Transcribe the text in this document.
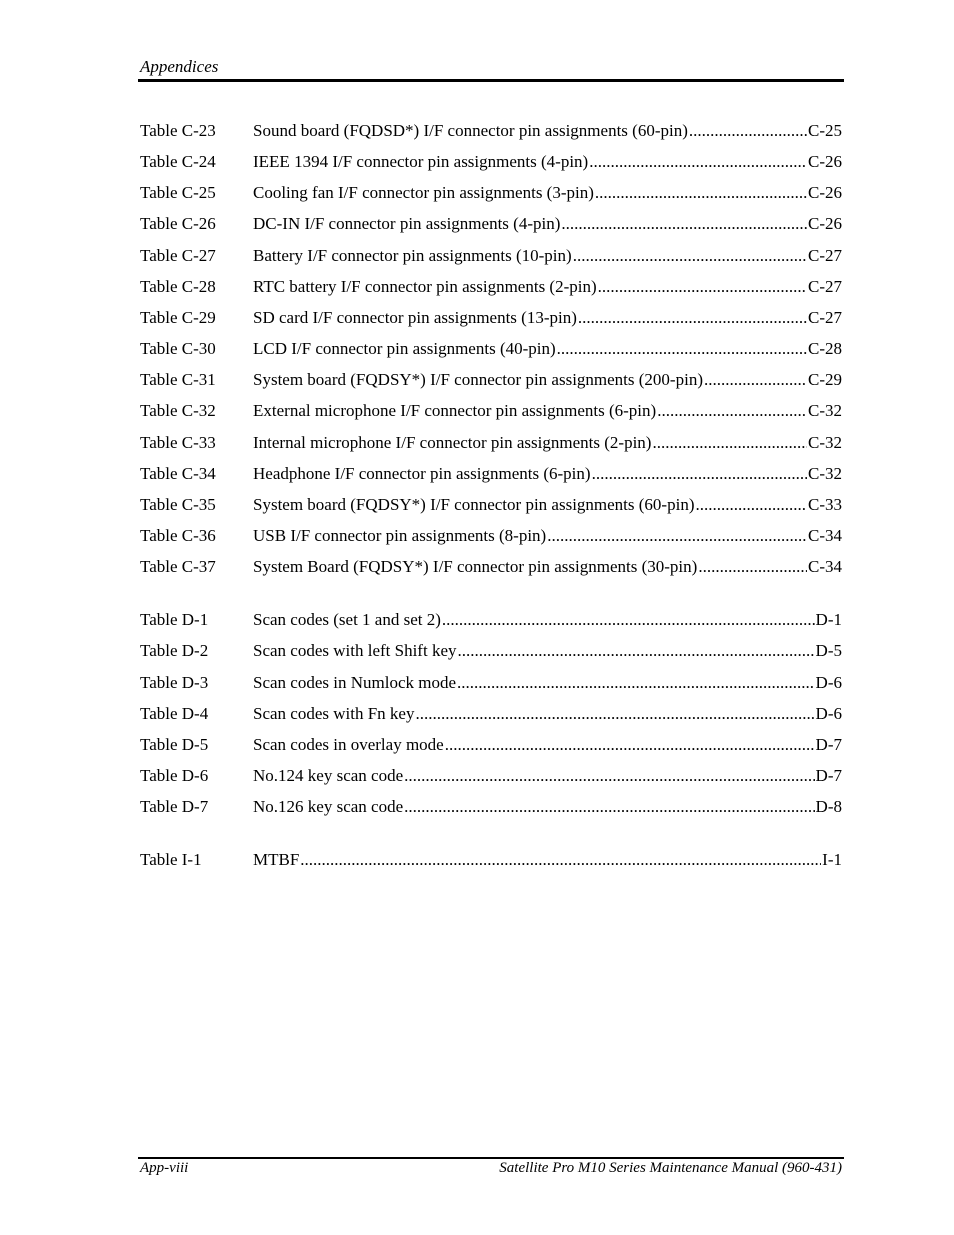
Appendices
Table C-23	Sound board (FQDSD*) I/F connector pin assignments (60-pin) .....	C-25
Table C-24	IEEE 1394 I/F connector pin assignments (4-pin) .....	C-26
Table C-25	Cooling fan I/F connector pin assignments (3-pin) .....	C-26
Table C-26	DC-IN I/F connector pin assignments (4-pin) .....	C-26
Table C-27	Battery I/F connector pin assignments (10-pin) .....	C-27
Table C-28	RTC battery I/F connector pin assignments (2-pin) .....	C-27
Table C-29	SD card I/F connector pin assignments (13-pin) .....	C-27
Table C-30	LCD I/F connector pin assignments (40-pin) .....	C-28
Table C-31	System board (FQDSY*) I/F connector pin assignments (200-pin) .....	C-29
Table C-32	External microphone I/F connector pin assignments (6-pin) .....	C-32
Table C-33	Internal microphone I/F connector pin assignments (2-pin) .....	C-32
Table C-34	Headphone I/F connector pin assignments (6-pin) .....	C-32
Table C-35	System board (FQDSY*) I/F connector pin assignments (60-pin) .....	C-33
Table C-36	USB I/F connector pin assignments (8-pin) .....	C-34
Table C-37	System Board (FQDSY*) I/F connector pin assignments (30-pin) .....	C-34
Table D-1	Scan codes (set 1 and set 2) .....	D-1
Table D-2	Scan codes with left Shift key .....	D-5
Table D-3	Scan codes in Numlock mode .....	D-6
Table D-4	Scan codes with Fn key .....	D-6
Table D-5	Scan codes in overlay mode .....	D-7
Table D-6	No.124 key scan code .....	D-7
Table D-7	No.126 key scan code .....	D-8
Table I-1	MTBF .....	I-1
App-viii	Satellite Pro M10 Series Maintenance Manual (960-431)
